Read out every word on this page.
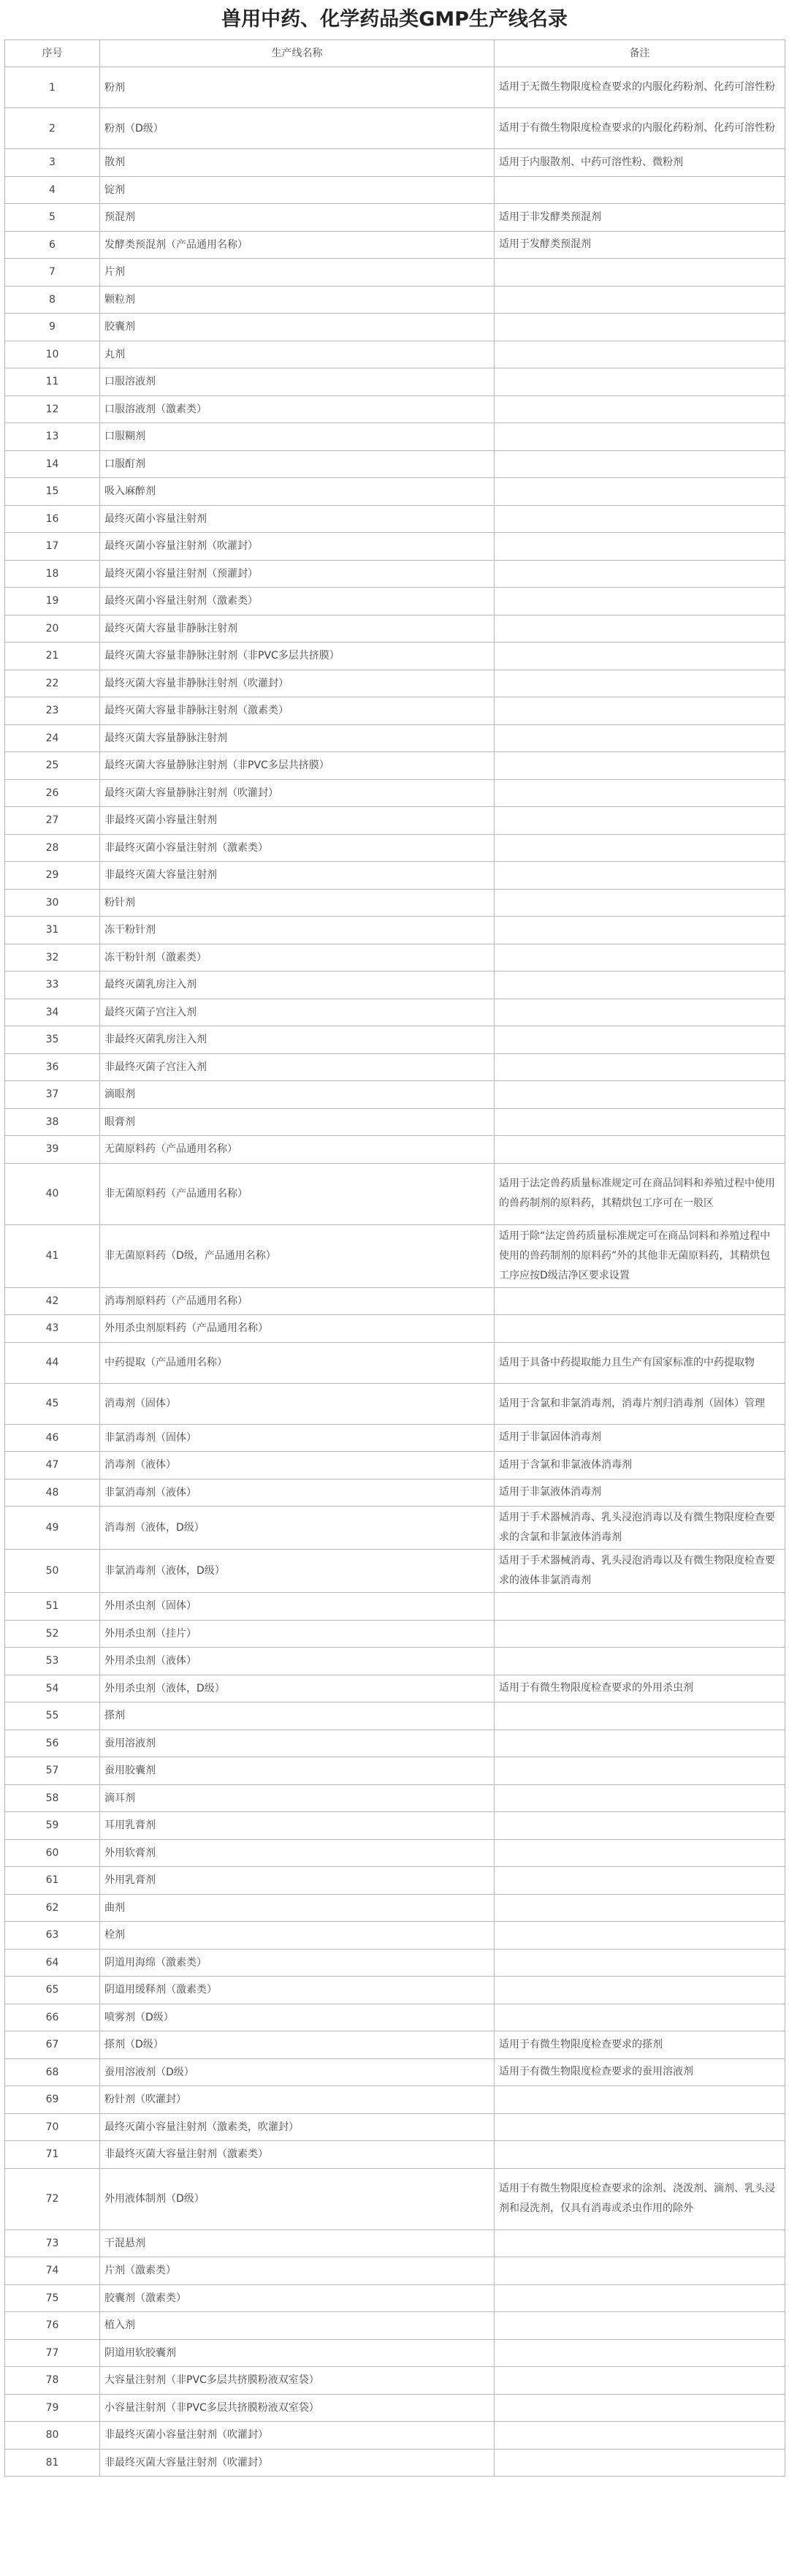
兽用中药、化学药品类GMP生产线名录
序号	生产线名称	备注
1	粉剂	适用于无微生物限度检查要求的内服化药粉剂、化药可溶性粉
2	粉剂（D级）	适用于有微生物限度检查要求的内服化药粉剂、化药可溶性粉
3	散剂	适用于内服散剂、中药可溶性粉、微粉剂
4	锭剂	
5	预混剂	适用于非发酵类预混剂
6	发酵类预混剂（产品通用名称）	适用于发酵类预混剂
7	片剂	
8	颗粒剂	
9	胶囊剂	
10	丸剂	
11	口服溶液剂	
12	口服溶液剂（激素类）	
13	口服糊剂	
14	口服酊剂	
15	吸入麻醉剂	
16	最终灭菌小容量注射剂	
17	最终灭菌小容量注射剂（吹灌封）	
18	最终灭菌小容量注射剂（预灌封）	
19	最终灭菌小容量注射剂（激素类）	
20	最终灭菌大容量非静脉注射剂	
21	最终灭菌大容量非静脉注射剂（非PVC多层共挤膜）	
22	最终灭菌大容量非静脉注射剂（吹灌封）	
23	最终灭菌大容量非静脉注射剂（激素类）	
24	最终灭菌大容量静脉注射剂	
25	最终灭菌大容量静脉注射剂（非PVC多层共挤膜）	
26	最终灭菌大容量静脉注射剂（吹灌封）	
27	非最终灭菌小容量注射剂	
28	非最终灭菌小容量注射剂（激素类）	
29	非最终灭菌大容量注射剂	
30	粉针剂	
31	冻干粉针剂	
32	冻干粉针剂（激素类）	
33	最终灭菌乳房注入剂	
34	最终灭菌子宫注入剂	
35	非最终灭菌乳房注入剂	
36	非最终灭菌子宫注入剂	
37	滴眼剂	
38	眼膏剂	
39	无菌原料药（产品通用名称）	
40	非无菌原料药（产品通用名称）	适用于法定兽药质量标准规定可在商品饲料和养殖过程中使用的兽药制剂的原料药，其精烘包工序可在一般区
41	非无菌原料药（D级，产品通用名称）	适用于除“法定兽药质量标准规定可在商品饲料和养殖过程中使用的兽药制剂的原料药”外的其他非无菌原料药，其精烘包工序应按D级洁净区要求设置
42	消毒剂原料药（产品通用名称）	
43	外用杀虫剂原料药（产品通用名称）	
44	中药提取（产品通用名称）	适用于具备中药提取能力且生产有国家标准的中药提取物
45	消毒剂（固体）	适用于含氯和非氯消毒剂，消毒片剂归消毒剂（固体）管理
46	非氯消毒剂（固体）	适用于非氯固体消毒剂
47	消毒剂（液体）	适用于含氯和非氯液体消毒剂
48	非氯消毒剂（液体）	适用于非氯液体消毒剂
49	消毒剂（液体，D级）	适用于手术器械消毒、乳头浸泡消毒以及有微生物限度检查要求的含氯和非氯液体消毒剂
50	非氯消毒剂（液体，D级）	适用于手术器械消毒、乳头浸泡消毒以及有微生物限度检查要求的液体非氯消毒剂
51	外用杀虫剂（固体）	
52	外用杀虫剂（挂片）	
53	外用杀虫剂（液体）	
54	外用杀虫剂（液体，D级）	适用于有微生物限度检查要求的外用杀虫剂
55	搽剂	
56	蚕用溶液剂	
57	蚕用胶囊剂	
58	滴耳剂	
59	耳用乳膏剂	
60	外用软膏剂	
61	外用乳膏剂	
62	曲剂	
63	栓剂	
64	阴道用海绵（激素类）	
65	阴道用缓释剂（激素类）	
66	喷雾剂（D级）	
67	搽剂（D级）	适用于有微生物限度检查要求的搽剂
68	蚕用溶液剂（D级）	适用于有微生物限度检查要求的蚕用溶液剂
69	粉针剂（吹灌封）	
70	最终灭菌小容量注射剂（激素类，吹灌封）	
71	非最终灭菌大容量注射剂（激素类）	
72	外用液体制剂（D级）	适用于有微生物限度检查要求的涂剂、浇泼剂、滴剂、乳头浸剂和浸洗剂，仅具有消毒或杀虫作用的除外
73	干混悬剂	
74	片剂（激素类）	
75	胶囊剂（激素类）	
76	植入剂	
77	阴道用软胶囊剂	
78	大容量注射剂（非PVC多层共挤膜粉液双室袋）	
79	小容量注射剂（非PVC多层共挤膜粉液双室袋）	
80	非最终灭菌小容量注射剂（吹灌封）	
81	非最终灭菌大容量注射剂（吹灌封）	
